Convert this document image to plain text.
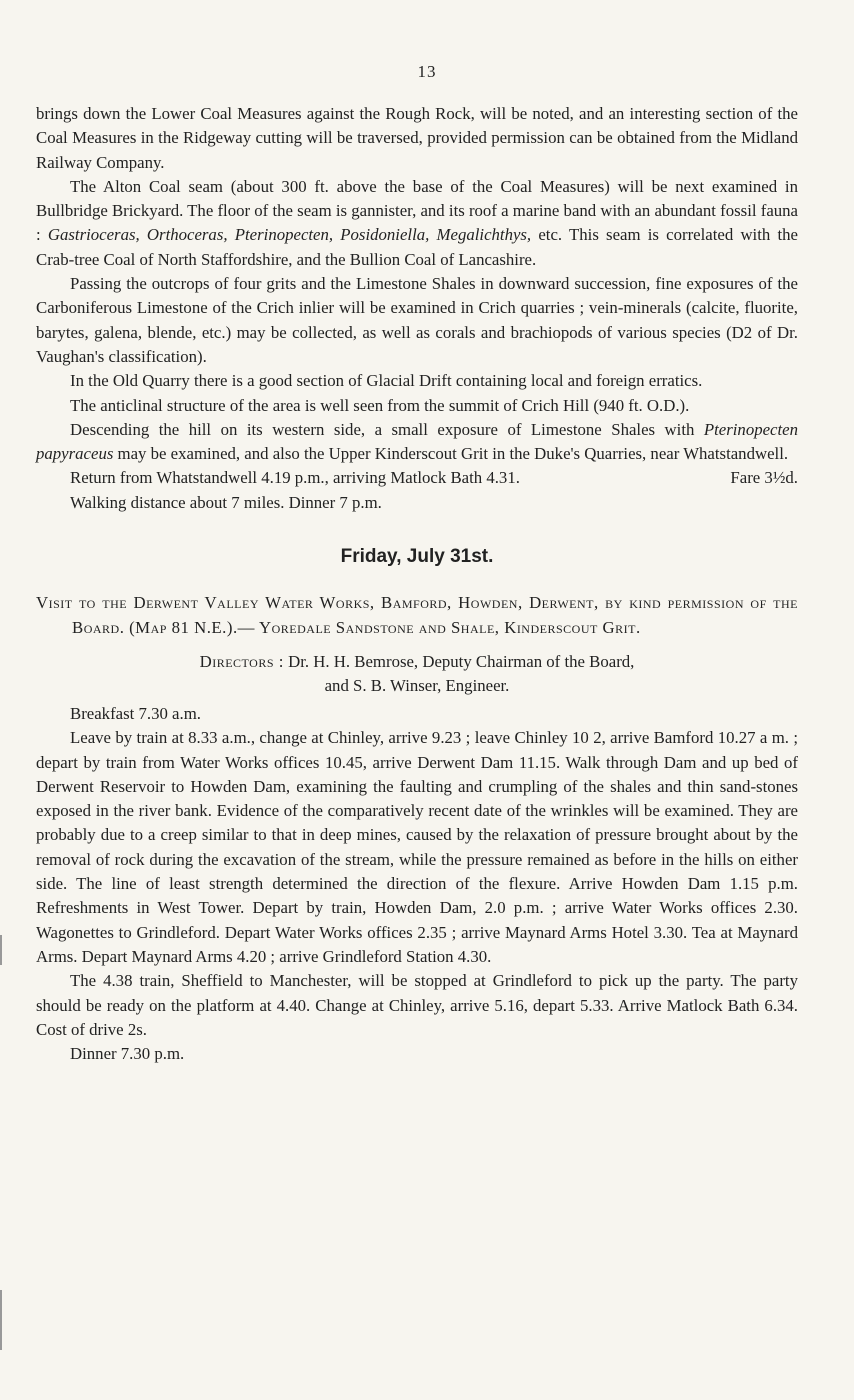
13

brings down the Lower Coal Measures against the Rough Rock, will be noted, and an interesting section of the Coal Measures in the Ridgeway cutting will be traversed, provided permission can be obtained from the Midland Railway Company.

The Alton Coal seam (about 300 ft. above the base of the Coal Measures) will be next examined in Bullbridge Brickyard. The floor of the seam is gannister, and its roof a marine band with an abundant fossil fauna : Gastrioceras, Orthoceras, Pterinopecten, Posidoniella, Megalichthys, etc. This seam is correlated with the Crab-tree Coal of North Staffordshire, and the Bullion Coal of Lancashire.

Passing the outcrops of four grits and the Limestone Shales in downward succession, fine exposures of the Carboniferous Limestone of the Crich inlier will be examined in Crich quarries ; vein-minerals (calcite, fluorite, barytes, galena, blende, etc.) may be collected, as well as corals and brachiopods of various species (D2 of Dr. Vaughan's classification).

In the Old Quarry there is a good section of Glacial Drift containing local and foreign erratics.

The anticlinal structure of the area is well seen from the summit of Crich Hill (940 ft. O.D.).

Descending the hill on its western side, a small exposure of Limestone Shales with Pterinopecten papyraceus may be examined, and also the Upper Kinderscout Grit in the Duke's Quarries, near Whatstandwell.

Return from Whatstandwell 4.19 p.m., arriving Matlock Bath 4.31.	Fare 3½d.

Walking distance about 7 miles. Dinner 7 p.m.

Friday, July 31st.

Visit to the Derwent Valley Water Works, Bamford, Howden, Derwent, by kind permission of the Board. (Map 81 N.E.).— Yoredale Sandstone and Shale, Kinderscout Grit.

Directors : Dr. H. H. Bemrose, Deputy Chairman of the Board,
and S. B. Winser, Engineer.

Breakfast 7.30 a.m.

Leave by train at 8.33 a.m., change at Chinley, arrive 9.23 ; leave Chinley 10 2, arrive Bamford 10.27 a m. ; depart by train from Water Works offices 10.45, arrive Derwent Dam 11.15. Walk through Dam and up bed of Derwent Reservoir to Howden Dam, examining the faulting and crumpling of the shales and thin sand-stones exposed in the river bank. Evidence of the comparatively recent date of the wrinkles will be examined. They are probably due to a creep similar to that in deep mines, caused by the relaxation of pressure brought about by the removal of rock during the excavation of the stream, while the pressure remained as before in the hills on either side. The line of least strength determined the direction of the flexure. Arrive Howden Dam 1.15 p.m. Refreshments in West Tower. Depart by train, Howden Dam, 2.0 p.m. ; arrive Water Works offices 2.30. Wagonettes to Grindleford. Depart Water Works offices 2.35 ; arrive Maynard Arms Hotel 3.30. Tea at Maynard Arms. Depart Maynard Arms 4.20 ; arrive Grindleford Station 4.30.

The 4.38 train, Sheffield to Manchester, will be stopped at Grindleford to pick up the party. The party should be ready on the platform at 4.40. Change at Chinley, arrive 5.16, depart 5.33. Arrive Matlock Bath 6.34. Cost of drive 2s.

Dinner 7.30 p.m.
